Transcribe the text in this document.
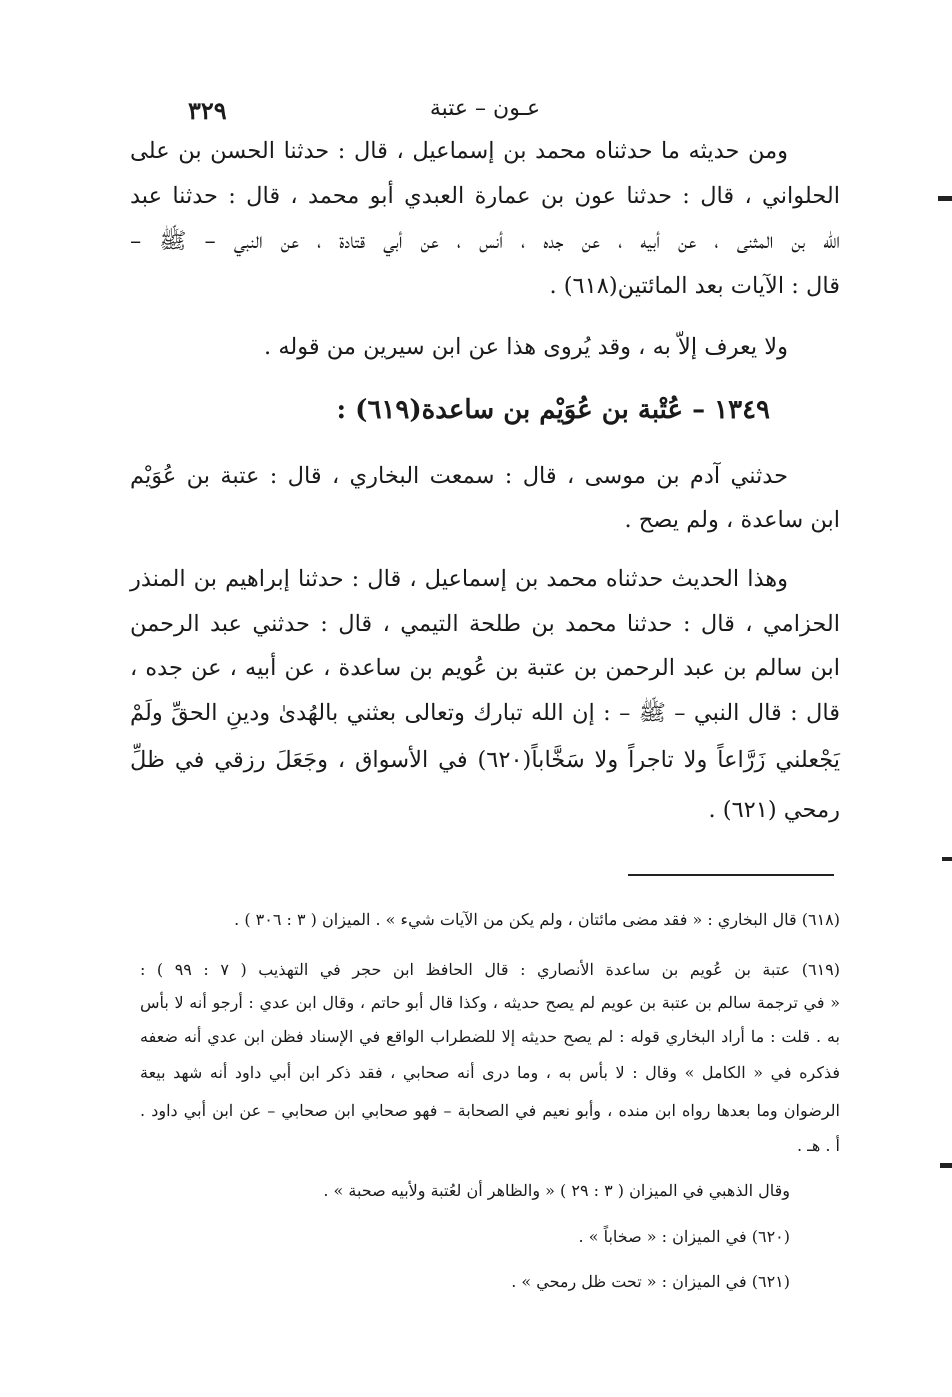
٣٢٩	عـون – عتبة
ومن حديثه ما حدثناه محمد بن إسماعيل ، قال : حدثنا الحسن بن على
الحلواني ، قال : حدثنا عون بن عمارة العبدي أبو محمد ، قال : حدثنا عبد
الله بن المثنى ، عن أبيه ، عن جده ، أنس ، عن أبي قتادة ، عن النبي – ﷺ –
قال : الآيات بعد المائتين(٦١٨) .
ولا يعرف إلاّ به ، وقد يُروى هذا عن ابن سيرين من قوله .
١٣٤٩ – عُتْبة بن عُوَيْم بن ساعدة(٦١٩) :
حدثني آدم بن موسى ، قال : سمعت البخاري ، قال : عتبة بن عُوَيْم
ابن ساعدة ، ولم يصح .
وهذا الحديث حدثناه محمد بن إسماعيل ، قال : حدثنا إبراهيم بن المنذر
الحزامي ، قال : حدثنا محمد بن طلحة التيمي ، قال : حدثني عبد الرحمن
ابن سالم بن عبد الرحمن بن عتبة بن عُويم بن ساعدة ، عن أبيه ، عن جده ،
قال : قال النبي – ﷺ – : إن الله تبارك وتعالى بعثني بالهُدىٰ ودينِ الحقِّ ولَمْ
يَجْعلني زَرَّاعاً ولا تاجراً ولا سَخَّاباً(٦٢٠) في الأسواق ، وجَعَلَ رزقي في ظلِّ
رمحي (٦٢١) .
(٦١٨) قال البخاري : « فقد مضى مائتان ، ولم يكن من الآيات شيء » . الميزان ( ٣ : ٣٠٦ ) .
(٦١٩) عتبة بن عُويم بن ساعدة الأنصاري : قال الحافظ ابن حجر في التهذيب ( ٧ : ٩٩ ) :
« في ترجمة سالم بن عتبة بن عويم لم يصح حديثه ، وكذا قال أبو حاتم ، وقال ابن عدي : أرجو أنه لا بأس
به . قلت : ما أراد البخاري قوله : لم يصح حديثه إلا للضطراب الواقع في الإسناد فظن ابن عدي أنه ضعفه
فذكره في « الكامل » وقال : لا بأس به ، وما درى أنه صحابي ، فقد ذكر ابن أبي داود أنه شهد بيعة
الرضوان وما بعدها رواه ابن منده ، وأبو نعيم في الصحابة – فهو صحابي ابن صحابي – عن ابن أبي داود .
أ . هـ .
وقال الذهبي في الميزان ( ٣ : ٢٩ ) « والظاهر أن لعُتبة ولأبيه صحبة » .
(٦٢٠) في الميزان : « صخاباً » .
(٦٢١) في الميزان : « تحت ظل رمحي » .
